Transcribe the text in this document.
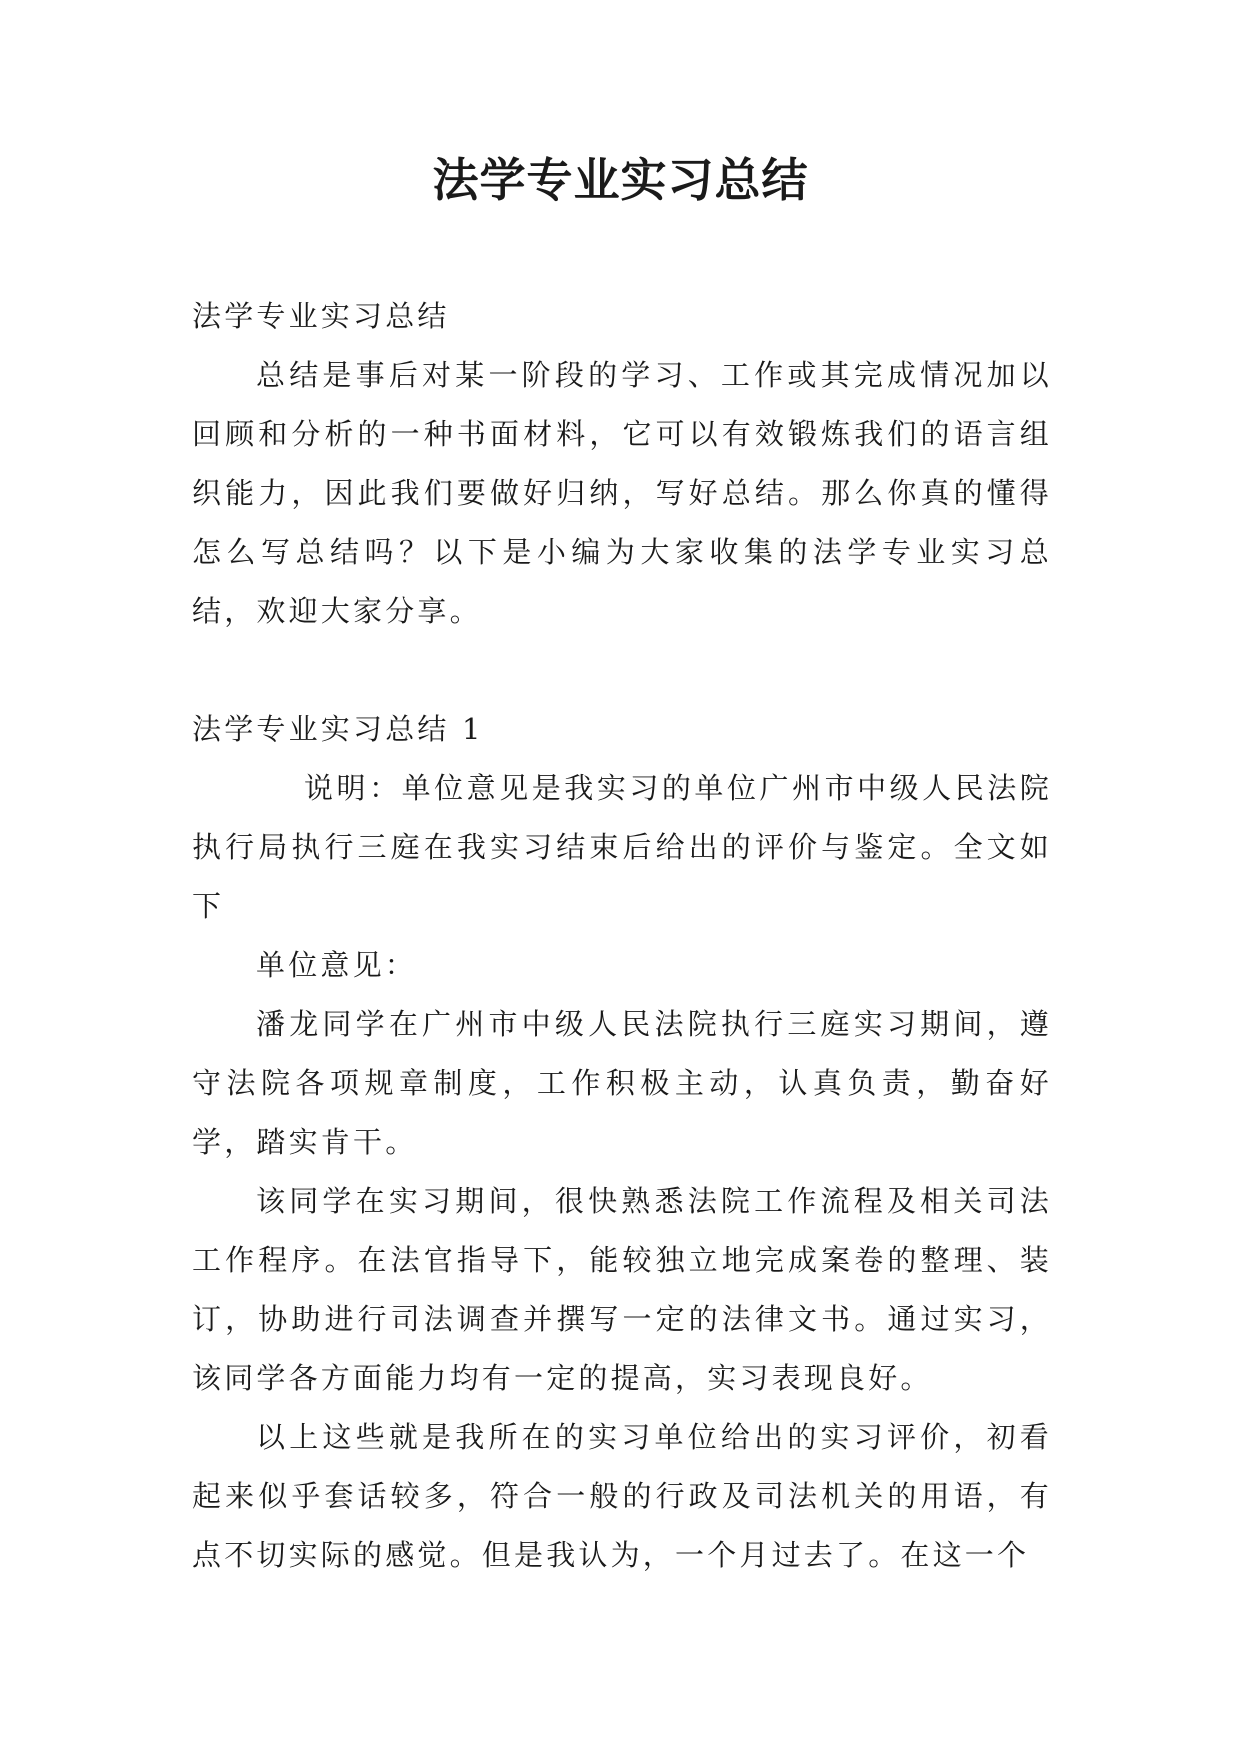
法学专业实习总结

法学专业实习总结

总结是事后对某一阶段的学习、工作或其完成情况加以回顾和分析的一种书面材料，它可以有效锻炼我们的语言组织能力，因此我们要做好归纳，写好总结。那么你真的懂得怎么写总结吗？以下是小编为大家收集的法学专业实习总结，欢迎大家分享。

法学专业实习总结 1

说明：单位意见是我实习的单位广州市中级人民法院执行局执行三庭在我实习结束后给出的评价与鉴定。全文如下

单位意见：

潘龙同学在广州市中级人民法院执行三庭实习期间，遵守法院各项规章制度，工作积极主动，认真负责，勤奋好学，踏实肯干。

该同学在实习期间，很快熟悉法院工作流程及相关司法工作程序。在法官指导下，能较独立地完成案卷的整理、装订，协助进行司法调查并撰写一定的法律文书。通过实习，该同学各方面能力均有一定的提高，实习表现良好。

以上这些就是我所在的实习单位给出的实习评价，初看起来似乎套话较多，符合一般的行政及司法机关的用语，有点不切实际的感觉。但是我认为，一个月过去了。在这一个
